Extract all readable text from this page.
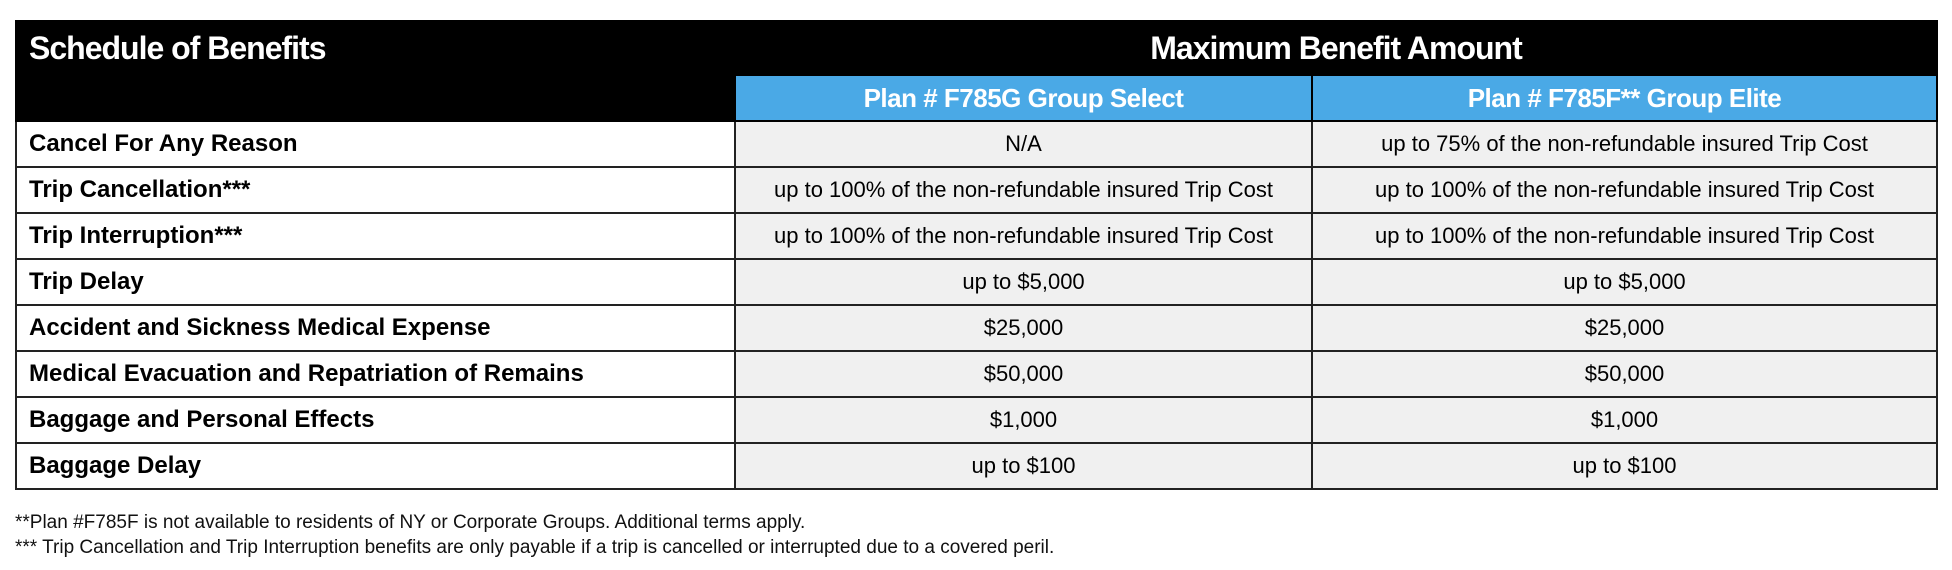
Schedule of Benefits	Maximum Benefit Amount	
	Plan # F785G Group Select	Plan # F785F** Group Elite
Cancel For Any Reason	N/A	up to 75% of the non-refundable insured Trip Cost
Trip Cancellation***	up to 100% of the non-refundable insured Trip Cost	up to 100% of the non-refundable insured Trip Cost
Trip Interruption***	up to 100% of the non-refundable insured Trip Cost	up to 100% of the non-refundable insured Trip Cost
Trip Delay	up to $5,000	up to $5,000
Accident and Sickness Medical Expense	$25,000	$25,000
Medical Evacuation and Repatriation of Remains	$50,000	$50,000
Baggage and Personal Effects	$1,000	$1,000
Baggage Delay	up to $100	up to $100
**Plan #F785F is not available to residents of NY or Corporate Groups. Additional terms apply.
*** Trip Cancellation and Trip Interruption benefits are only payable if a trip is cancelled or interrupted due to a covered peril.
